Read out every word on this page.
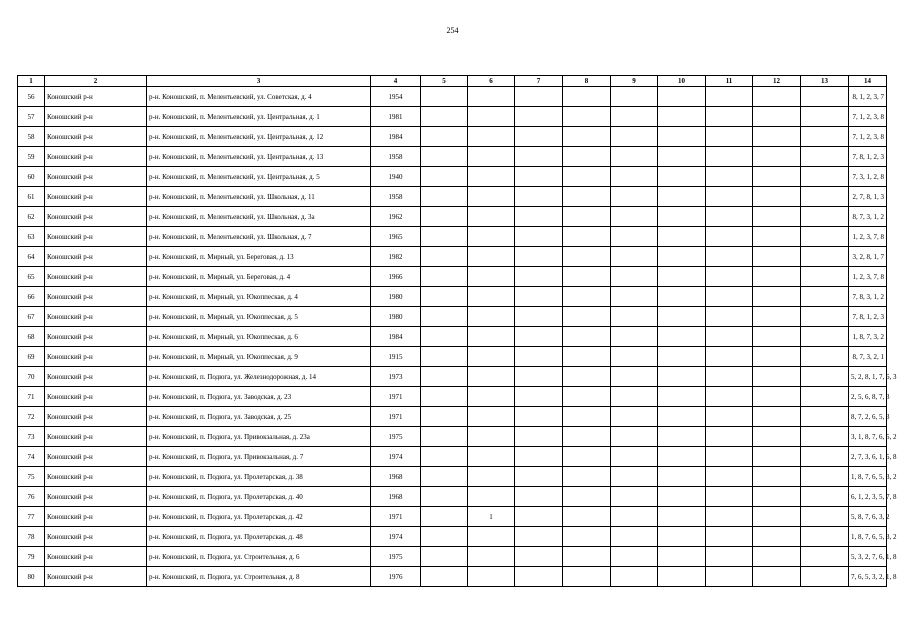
254
1	2	3	4	5	6	7	8	9	10	11	12	13	14
56	Коношский р-н	р-н. Коношский, п. Мелентьевский, ул. Советская, д. 4	1954										8, 1, 2, 3, 7
57	Коношский р-н	р-н. Коношский, п. Мелентьевский, ул. Центральная, д. 1	1981										7, 1, 2, 3, 8
58	Коношский р-н	р-н. Коношский, п. Мелентьевский, ул. Центральная, д. 12	1984										7, 1, 2, 3, 8
59	Коношский р-н	р-н. Коношский, п. Мелентьевский, ул. Центральная, д. 13	1958										7, 8, 1, 2, 3
60	Коношский р-н	р-н. Коношский, п. Мелентьевский, ул. Центральная, д. 5	1940										7, 3, 1, 2, 8
61	Коношский р-н	р-н. Коношский, п. Мелентьевский, ул. Школьная, д. 11	1958										2, 7, 8, 1, 3
62	Коношский р-н	р-н. Коношский, п. Мелентьевский, ул. Школьная, д. 3а	1962										8, 7, 3, 1, 2
63	Коношский р-н	р-н. Коношский, п. Мелентьевский, ул. Школьная, д. 7	1965										1, 2, 3, 7, 8
64	Коношский р-н	р-н. Коношский, п. Мирный, ул. Береговая, д. 13	1982										3, 2, 8, 1, 7
65	Коношский р-н	р-н. Коношский, п. Мирный, ул. Береговая, д. 4	1966										1, 2, 3, 7, 8
66	Коношский р-н	р-н. Коношский, п. Мирный, ул. Юкоппеская, д. 4	1980										7, 8, 3, 1, 2
67	Коношский р-н	р-н. Коношский, п. Мирный, ул. Юкоппеская, д. 5	1980										7, 8, 1, 2, 3
68	Коношский р-н	р-н. Коношский, п. Мирный, ул. Юкоппеская, д. 6	1984										1, 8, 7, 3, 2
69	Коношский р-н	р-н. Коношский, п. Мирный, ул. Юкоппеская, д. 9	1915										8, 7, 3, 2, 1
70	Коношский р-н	р-н. Коношский, п. Подюга, ул. Железнодорожная, д. 14	1973										5, 2, 8, 1, 7, 6, 3
71	Коношский р-н	р-н. Коношский, п. Подюга, ул. Заводская, д. 23	1971										2, 5, 6, 8, 7, 3
72	Коношский р-н	р-н. Коношский, п. Подюга, ул. Заводская, д. 25	1971										8, 7, 2, 6, 5, 3
73	Коношский р-н	р-н. Коношский, п. Подюга, ул. Привокзальная, д. 23а	1975										3, 1, 8, 7, 6, 5, 2
74	Коношский р-н	р-н. Коношский, п. Подюга, ул. Привокзальная, д. 7	1974										2, 7, 3, 6, 1, 5, 8
75	Коношский р-н	р-н. Коношский, п. Подюга, ул. Пролетарская, д. 38	1968										1, 8, 7, 6, 5, 3, 2
76	Коношский р-н	р-н. Коношский, п. Подюга, ул. Пролетарская, д. 40	1968										6, 1, 2, 3, 5, 7, 8
77	Коношский р-н	р-н. Коношский, п. Подюга, ул. Пролетарская, д. 42	1971		1								5, 8, 7, 6, 3, 2
78	Коношский р-н	р-н. Коношский, п. Подюга, ул. Пролетарская, д. 48	1974										1, 8, 7, 6, 5, 3, 2
79	Коношский р-н	р-н. Коношский, п. Подюга, ул. Строительная, д. 6	1975										5, 3, 2, 7, 6, 1, 8
80	Коношский р-н	р-н. Коношский, п. Подюга, ул. Строительная, д. 8	1976										7, 6, 5, 3, 2, 1, 8
